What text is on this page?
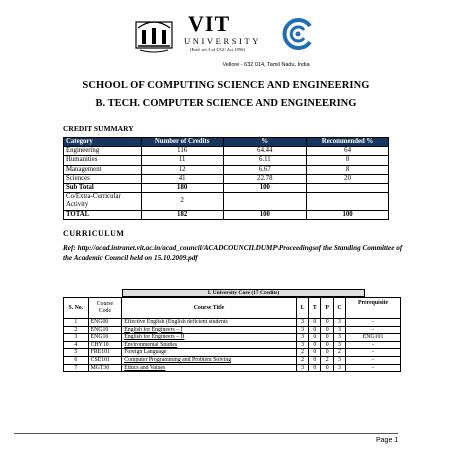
VIT
UNIVERSITY
(Estd. u/s 3 of UGC Act 1956)
Vellore - 632 014, Tamil Nadu, India
SCHOOL OF COMPUTING SCIENCE AND ENGINEERING
B. TECH. COMPUTER SCIENCE AND ENGINEERING
CREDIT SUMMARY
Category	Number of Credits	%	Recommended %
Engineering	116	64.44	64
Humanities	11	6.11	8
Management	12	6.67	8
Sciences	41	22.78	20
Sub Total	180	100	
Co/Extra-Curricular Activity	2		
TOTAL	182	100	100
CURRICULUM
Ref: http://acad.intranet.vit.ac.in/acad_council/ACADCOUNCILDUMP\Proceedingsof the Standing Committee of the Academic Council held on 15.10.2009.pdf
I. University Core (17 Credits)
S. No.	Course Code	Course Title	L	T	P	C	Prerequisite
1	ENG00	Effective English (English deficient students	3	0	0	3	-
2	ENG10	English for Engineers – I	3	0	0	3	-
3	ENG10	English for Engineers – II	3	0	0	3	ENG101
4	CHY10	Environmental Studies	3	0	0	3	-
5	FRE101	Foreign Language	2	0	0	2	-
6	CSE101	Computer Programming and Problem Solving	2	0	2	3	-
7	MGT30	Ethics and Values	3	0	0	3	-
Page 1
